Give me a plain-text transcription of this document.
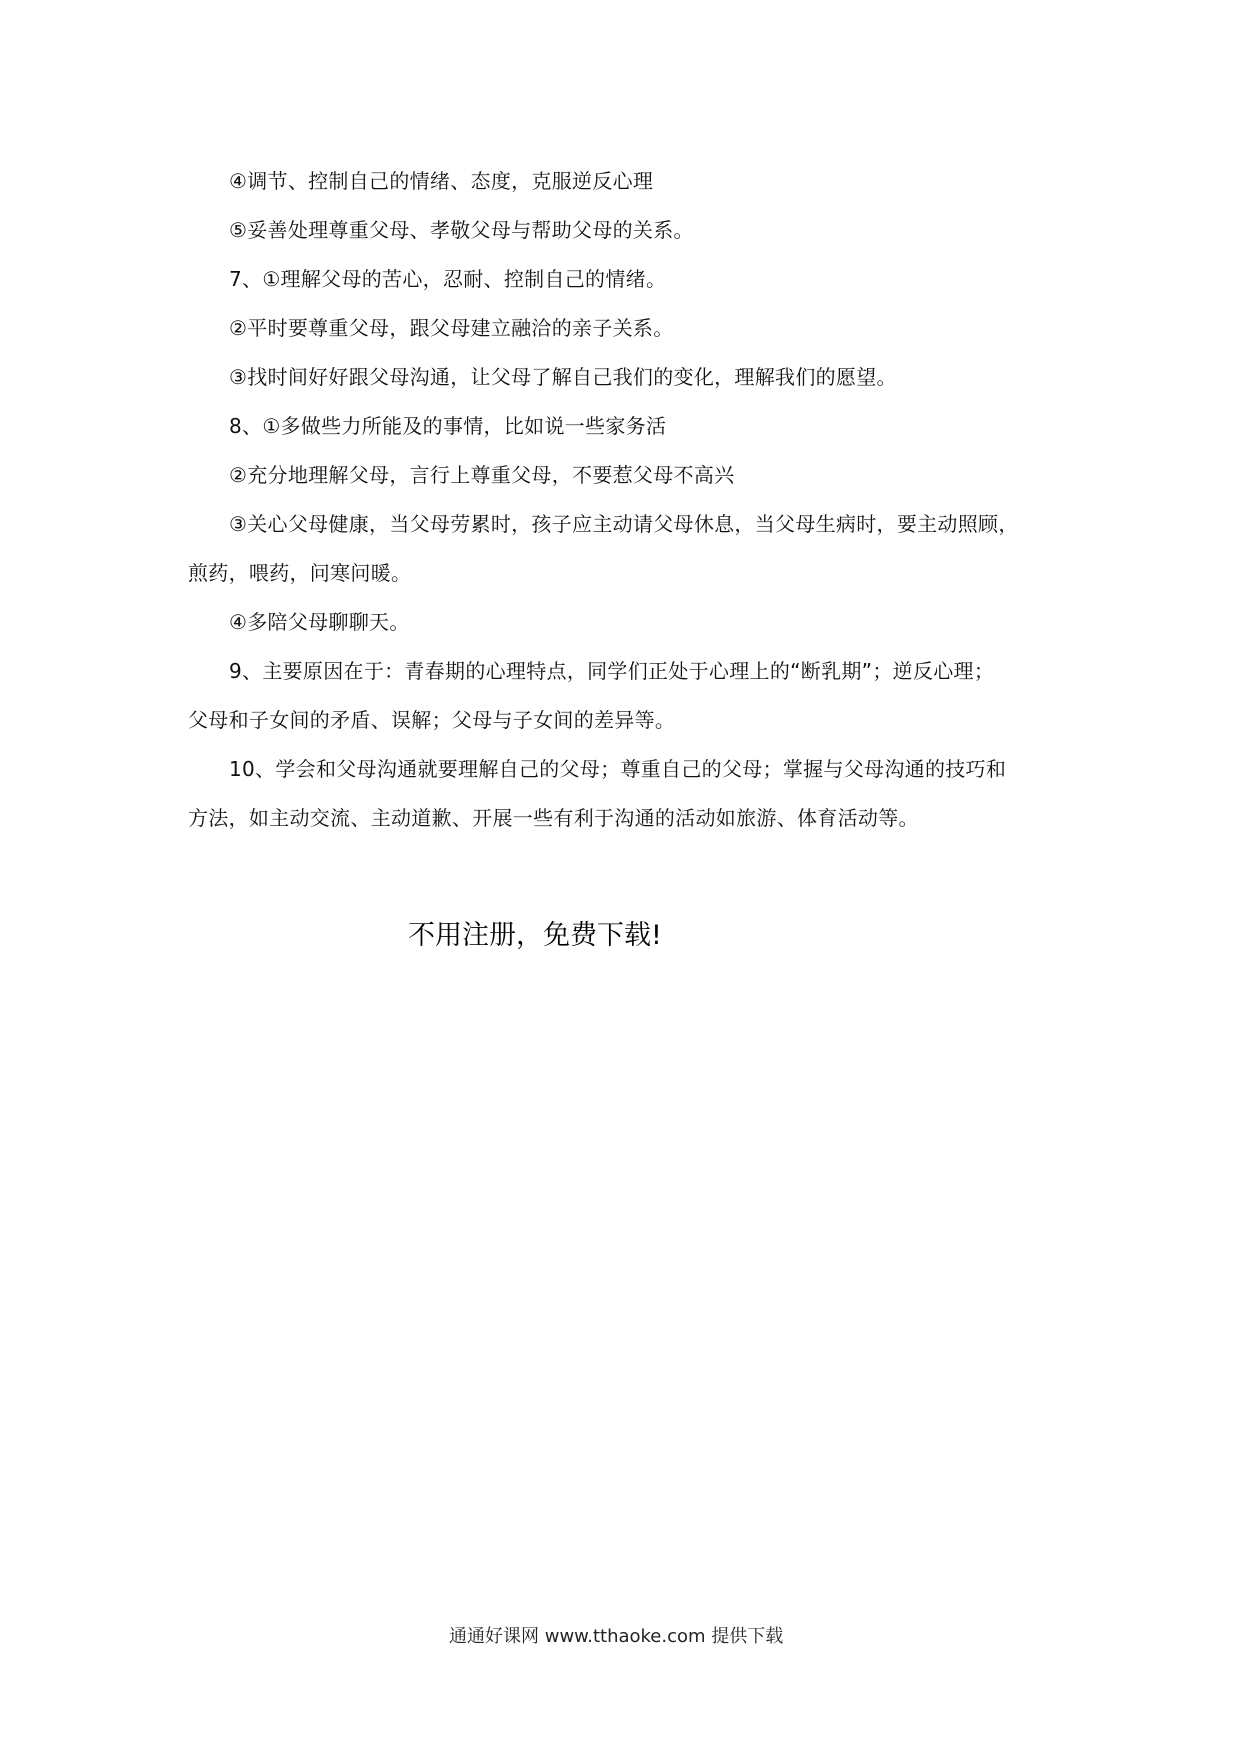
④调节、控制自己的情绪、态度，克服逆反心理
⑤妥善处理尊重父母、孝敬父母与帮助父母的关系。
7、①理解父母的苦心，忍耐、控制自己的情绪。
②平时要尊重父母，跟父母建立融洽的亲子关系。
③找时间好好跟父母沟通，让父母了解自己我们的变化，理解我们的愿望。
8、①多做些力所能及的事情，比如说一些家务活
②充分地理解父母，言行上尊重父母，不要惹父母不高兴
③关心父母健康，当父母劳累时，孩子应主动请父母休息，当父母生病时，要主动照顾，
煎药，喂药，问寒问暖。
④多陪父母聊聊天。
9、主要原因在于：青春期的心理特点，同学们正处于心理上的“断乳期”；逆反心理；
父母和子女间的矛盾、误解；父母与子女间的差异等。
10、学会和父母沟通就要理解自己的父母；尊重自己的父母；掌握与父母沟通的技巧和
方法，如主动交流、主动道歉、开展一些有利于沟通的活动如旅游、体育活动等。
不用注册，免费下载!
通通好课网 www.tthaoke.com 提供下载
